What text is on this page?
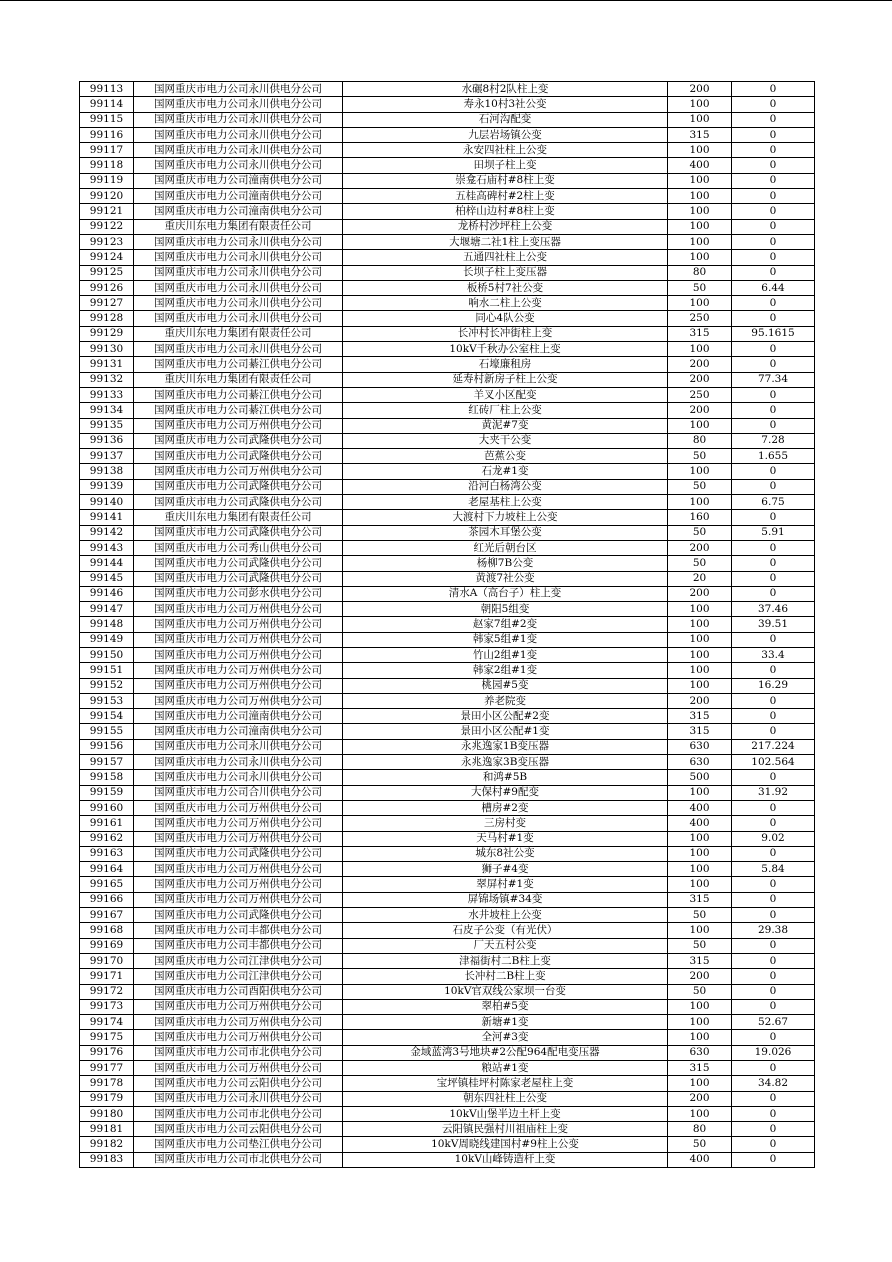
99113	国网重庆市电力公司永川供电分公司	水碾8村2队柱上变	200	0
99114	国网重庆市电力公司永川供电分公司	寿永10村3社公变	100	0
99115	国网重庆市电力公司永川供电分公司	石河沟配变	100	0
99116	国网重庆市电力公司永川供电分公司	九层岩场镇公变	315	0
99117	国网重庆市电力公司永川供电分公司	永安四社柱上公变	100	0
99118	国网重庆市电力公司永川供电分公司	田坝子柱上变	400	0
99119	国网重庆市电力公司潼南供电分公司	崇龛石庙村#8柱上变	100	0
99120	国网重庆市电力公司潼南供电分公司	五桂高碑村#2柱上变	100	0
99121	国网重庆市电力公司潼南供电分公司	柏梓山边村#8柱上变	100	0
99122	重庆川东电力集团有限责任公司	龙桥村沙坪柱上公变	100	0
99123	国网重庆市电力公司永川供电分公司	大堰塘二社1柱上变压器	100	0
99124	国网重庆市电力公司永川供电分公司	五通四社柱上公变	100	0
99125	国网重庆市电力公司永川供电分公司	长坝子柱上变压器	80	0
99126	国网重庆市电力公司永川供电分公司	板桥5村7社公变	50	6.44
99127	国网重庆市电力公司永川供电分公司	响水二柱上公变	100	0
99128	国网重庆市电力公司永川供电分公司	同心4队公变	250	0
99129	重庆川东电力集团有限责任公司	长冲村长冲街柱上变	315	95.1615
99130	国网重庆市电力公司永川供电分公司	10kV千秋办公室柱上变	100	0
99131	国网重庆市电力公司綦江供电分公司	石壕廉租房	200	0
99132	重庆川东电力集团有限责任公司	延寿村新房子柱上公变	200	77.34
99133	国网重庆市电力公司綦江供电分公司	羊叉小区配变	250	0
99134	国网重庆市电力公司綦江供电分公司	红砖厂柱上公变	200	0
99135	国网重庆市电力公司万州供电分公司	黄泥#7变	100	0
99136	国网重庆市电力公司武隆供电分公司	大夹干公变	80	7.28
99137	国网重庆市电力公司武隆供电分公司	芭蕉公变	50	1.655
99138	国网重庆市电力公司万州供电分公司	石龙#1变	100	0
99139	国网重庆市电力公司武隆供电分公司	沿河白杨湾公变	50	0
99140	国网重庆市电力公司武隆供电分公司	老屋基柱上公变	100	6.75
99141	重庆川东电力集团有限责任公司	大渡村下力坡柱上公变	160	0
99142	国网重庆市电力公司武隆供电分公司	茶园木耳堡公变	50	5.91
99143	国网重庆市电力公司秀山供电分公司	红光后朝台区	200	0
99144	国网重庆市电力公司武隆供电分公司	杨柳7B公变	50	0
99145	国网重庆市电力公司武隆供电分公司	黄渡7社公变	20	0
99146	国网重庆市电力公司彭水供电分公司	清水A（高台子）柱上变	200	0
99147	国网重庆市电力公司万州供电分公司	朝阳5组变	100	37.46
99148	国网重庆市电力公司万州供电分公司	赵家7组#2变	100	39.51
99149	国网重庆市电力公司万州供电分公司	韩家5组#1变	100	0
99150	国网重庆市电力公司万州供电分公司	竹山2组#1变	100	33.4
99151	国网重庆市电力公司万州供电分公司	韩家2组#1变	100	0
99152	国网重庆市电力公司万州供电分公司	桃园#5变	100	16.29
99153	国网重庆市电力公司万州供电分公司	养老院变	200	0
99154	国网重庆市电力公司潼南供电分公司	景田小区公配#2变	315	0
99155	国网重庆市电力公司潼南供电分公司	景田小区公配#1变	315	0
99156	国网重庆市电力公司永川供电分公司	永兆逸家1B变压器	630	217.224
99157	国网重庆市电力公司永川供电分公司	永兆逸家3B变压器	630	102.564
99158	国网重庆市电力公司永川供电分公司	和鸿#5B	500	0
99159	国网重庆市电力公司合川供电分公司	大保村#9配变	100	31.92
99160	国网重庆市电力公司万州供电分公司	槽房#2变	400	0
99161	国网重庆市电力公司万州供电分公司	三房村变	400	0
99162	国网重庆市电力公司万州供电分公司	天马村#1变	100	9.02
99163	国网重庆市电力公司武隆供电分公司	城东8社公变	100	0
99164	国网重庆市电力公司万州供电分公司	狮子#4变	100	5.84
99165	国网重庆市电力公司万州供电分公司	翠屏村#1变	100	0
99166	国网重庆市电力公司万州供电分公司	屏锦场镇#34变	315	0
99167	国网重庆市电力公司武隆供电分公司	水井坡柱上公变	50	0
99168	国网重庆市电力公司丰都供电分公司	石皮子公变（有光伏）	100	29.38
99169	国网重庆市电力公司丰都供电分公司	厂天五村公变	50	0
99170	国网重庆市电力公司江津供电分公司	津福街村二B柱上变	315	0
99171	国网重庆市电力公司江津供电分公司	长冲村二B柱上变	200	0
99172	国网重庆市电力公司酉阳供电分公司	10kV官双线公家坝一台变	50	0
99173	国网重庆市电力公司万州供电分公司	翠柏#5变	100	0
99174	国网重庆市电力公司万州供电分公司	新塘#1变	100	52.67
99175	国网重庆市电力公司万州供电分公司	全河#3变	100	0
99176	国网重庆市电力公司市北供电分公司	金域蓝湾3号地块#2公配964配电变压器	630	19.026
99177	国网重庆市电力公司万州供电分公司	粮站#1变	315	0
99178	国网重庆市电力公司云阳供电分公司	宝坪镇桂坪村陈家老屋柱上变	100	34.82
99179	国网重庆市电力公司永川供电分公司	朝东四社柱上公变	200	0
99180	国网重庆市电力公司市北供电分公司	10kV山堡半边土杆上变	100	0
99181	国网重庆市电力公司云阳供电分公司	云阳镇民强村川祖庙柱上变	80	0
99182	国网重庆市电力公司垫江供电分公司	10kV周晓线建国村#9柱上公变	50	0
99183	国网重庆市电力公司市北供电分公司	10kV山峰铸造杆上变	400	0
